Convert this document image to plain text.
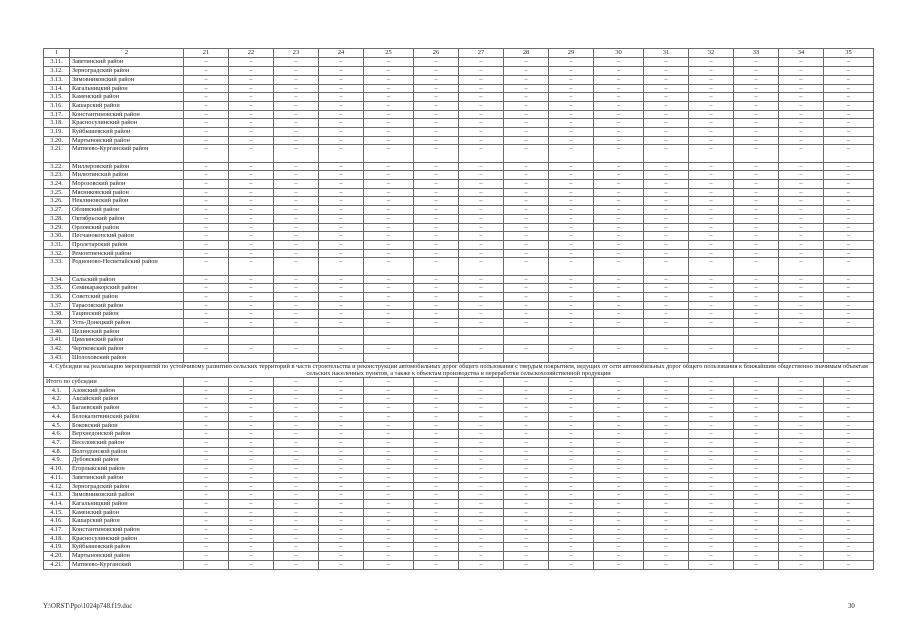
1	2	21	22	23	24	25	26	27	28	29	30	31	32	33	34	35
3.11.	Заветинский район	–	–	–	–	–	–	–	–	–	–	–	–	–	–	–
3.12.	Зерноградский район	–	–	–	–	–	–	–	–	–	–	–	–	–	–	–
3.13.	Зимовниковский район	–	–	–	–	–	–	–	–	–	–	–	–	–	–	–
3.14.	Кагальницкий район	–	–	–	–	–	–	–	–	–	–	–	–	–	–	–
3.15.	Каменский район	–	–	–	–	–	–	–	–	–	–	–	–	–	–	–
3.16.	Кашарский район	–	–	–	–	–	–	–	–	–	–	–	–	–	–	–
3.17.	Константиновский район	–	–	–	–	–	–	–	–	–	–	–	–	–	–	–
3.18.	Красносулинский район	–	–	–	–	–	–	–	–	–	–	–	–	–	–	–
3.19.	Куйбышевский район	–	–	–	–	–	–	–	–	–	–	–	–	–	–	–
3.20.	Мартыновский район	–	–	–	–	–	–	–	–	–	–	–	–	–	–	–
3.21.	Матвеево-Курганский район	–	–	–	–	–	–	–	–	–	–	–	–	–	–	–
3.22.	Миллеровский район	–	–	–	–	–	–	–	–	–	–	–	–	–	–	–
3.23.	Милютинский район	–	–	–	–	–	–	–	–	–	–	–	–	–	–	–
3.24.	Морозовский район	–	–	–	–	–	–	–	–	–	–	–	–	–	–	–
3.25.	Мясниковский район	–	–	–	–	–	–	–	–	–	–	–	–	–	–	–
3.26.	Неклиновский район	–	–	–	–	–	–	–	–	–	–	–	–	–	–	–
3.27.	Обливский район	–	–	–	–	–	–	–	–	–	–	–	–	–	–	–
3.28.	Октябрьский район	–	–	–	–	–	–	–	–	–	–	–	–	–	–	–
3.29.	Орловский район	–	–	–	–	–	–	–	–	–	–	–	–	–	–	–
3.30.	Песчанокопский район	–	–	–	–	–	–	–	–	–	–	–	–	–	–	–
3.31.	Пролетарский район	–	–	–	–	–	–	–	–	–	–	–	–	–	–	–
3.32.	Ремонтненский район	–	–	–	–	–	–	–	–	–	–	–	–	–	–	–
3.33.	Родионово-Несветайский район	–	–	–	–	–	–	–	–	–	–	–	–	–	–	–
3.34.	Сальский район	–	–	–	–	–	–	–	–	–	–	–	–	–	–	–
3.35.	Семикаракорский район	–	–	–	–	–	–	–	–	–	–	–	–	–	–	–
3.36.	Советский район	–	–	–	–	–	–	–	–	–	–	–	–	–	–	–
3.37.	Тарасовский район	–	–	–	–	–	–	–	–	–	–	–	–	–	–	–
3.38.	Тацинский район	–	–	–	–	–	–	–	–	–	–	–	–	–	–	–
3.39.	Усть-Донецкий район	–	–	–	–	–	–	–	–	–	–	–	–	–	–	–
3.40.	Целинский район															
3.41.	Цимлянский район															
3.42.	Чертковский район	–	–	–	–	–	–	–	–	–	–	–	–	–	–	–
3.43.	Шолоховский район															
4. Субсидии на реализацию мероприятий по устойчивому развитию сельских территорий в части строительства и реконструкции автомобильных дорог общего пользования с твердым покрытием, ведущих от сети автомобильных дорог общего пользования к ближайшим общественно значимым объектам сельских населенных пунктов, а также к объектам производства и переработки сельскохозяйственной продукции																
Итого по субсидии		–	–	–	–	–	–	–	–	–	–	–	–	–	–	–
4.1.	Азовский район	–	–	–	–	–	–	–	–	–	–	–	–	–	–	–
4.2.	Аксайский район	–	–	–	–	–	–	–	–	–	–	–	–	–	–	–
4.3.	Багаевский район	–	–	–	–	–	–	–	–	–	–	–	–	–	–	–
4.4.	Белокалитвинский район	–	–	–	–	–	–	–	–	–	–	–	–	–	–	–
4.5.	Боковский район	–	–	–	–	–	–	–	–	–	–	–	–	–	–	–
4.6.	Верхнедонской район	–	–	–	–	–	–	–	–	–	–	–	–	–	–	–
4.7.	Веселовский район	–	–	–	–	–	–	–	–	–	–	–	–	–	–	–
4.8.	Волгодонской район	–	–	–	–	–	–	–	–	–	–	–	–	–	–	–
4.9.	Дубовский район	–	–	–	–	–	–	–	–	–	–	–	–	–	–	–
4.10.	Егорлыкский район	–	–	–	–	–	–	–	–	–	–	–	–	–	–	–
4.11.	Заветинский район	–	–	–	–	–	–	–	–	–	–	–	–	–	–	–
4.12.	Зерноградский район	–	–	–	–	–	–	–	–	–	–	–	–	–	–	–
4.13.	Зимовниковский район	–	–	–	–	–	–	–	–	–	–	–	–	–	–	–
4.14.	Кагальницкий район	–	–	–	–	–	–	–	–	–	–	–	–	–	–	–
4.15.	Каменский район	–	–	–	–	–	–	–	–	–	–	–	–	–	–	–
4.16.	Кашарский район	–	–	–	–	–	–	–	–	–	–	–	–	–	–	–
4.17.	Константиновский район	–	–	–	–	–	–	–	–	–	–	–	–	–	–	–
4.18.	Красносулинский район	–	–	–	–	–	–	–	–	–	–	–	–	–	–	–
4.19.	Куйбышевский район	–	–	–	–	–	–	–	–	–	–	–	–	–	–	–
4.20.	Мартыновский район	–	–	–	–	–	–	–	–	–	–	–	–	–	–	–
4.21.	Матвеево-Курганский	–	–	–	–	–	–	–	–	–	–	–	–	–	–	–
Y:\ORST\Ppo\1024p748.f19.doc	30
